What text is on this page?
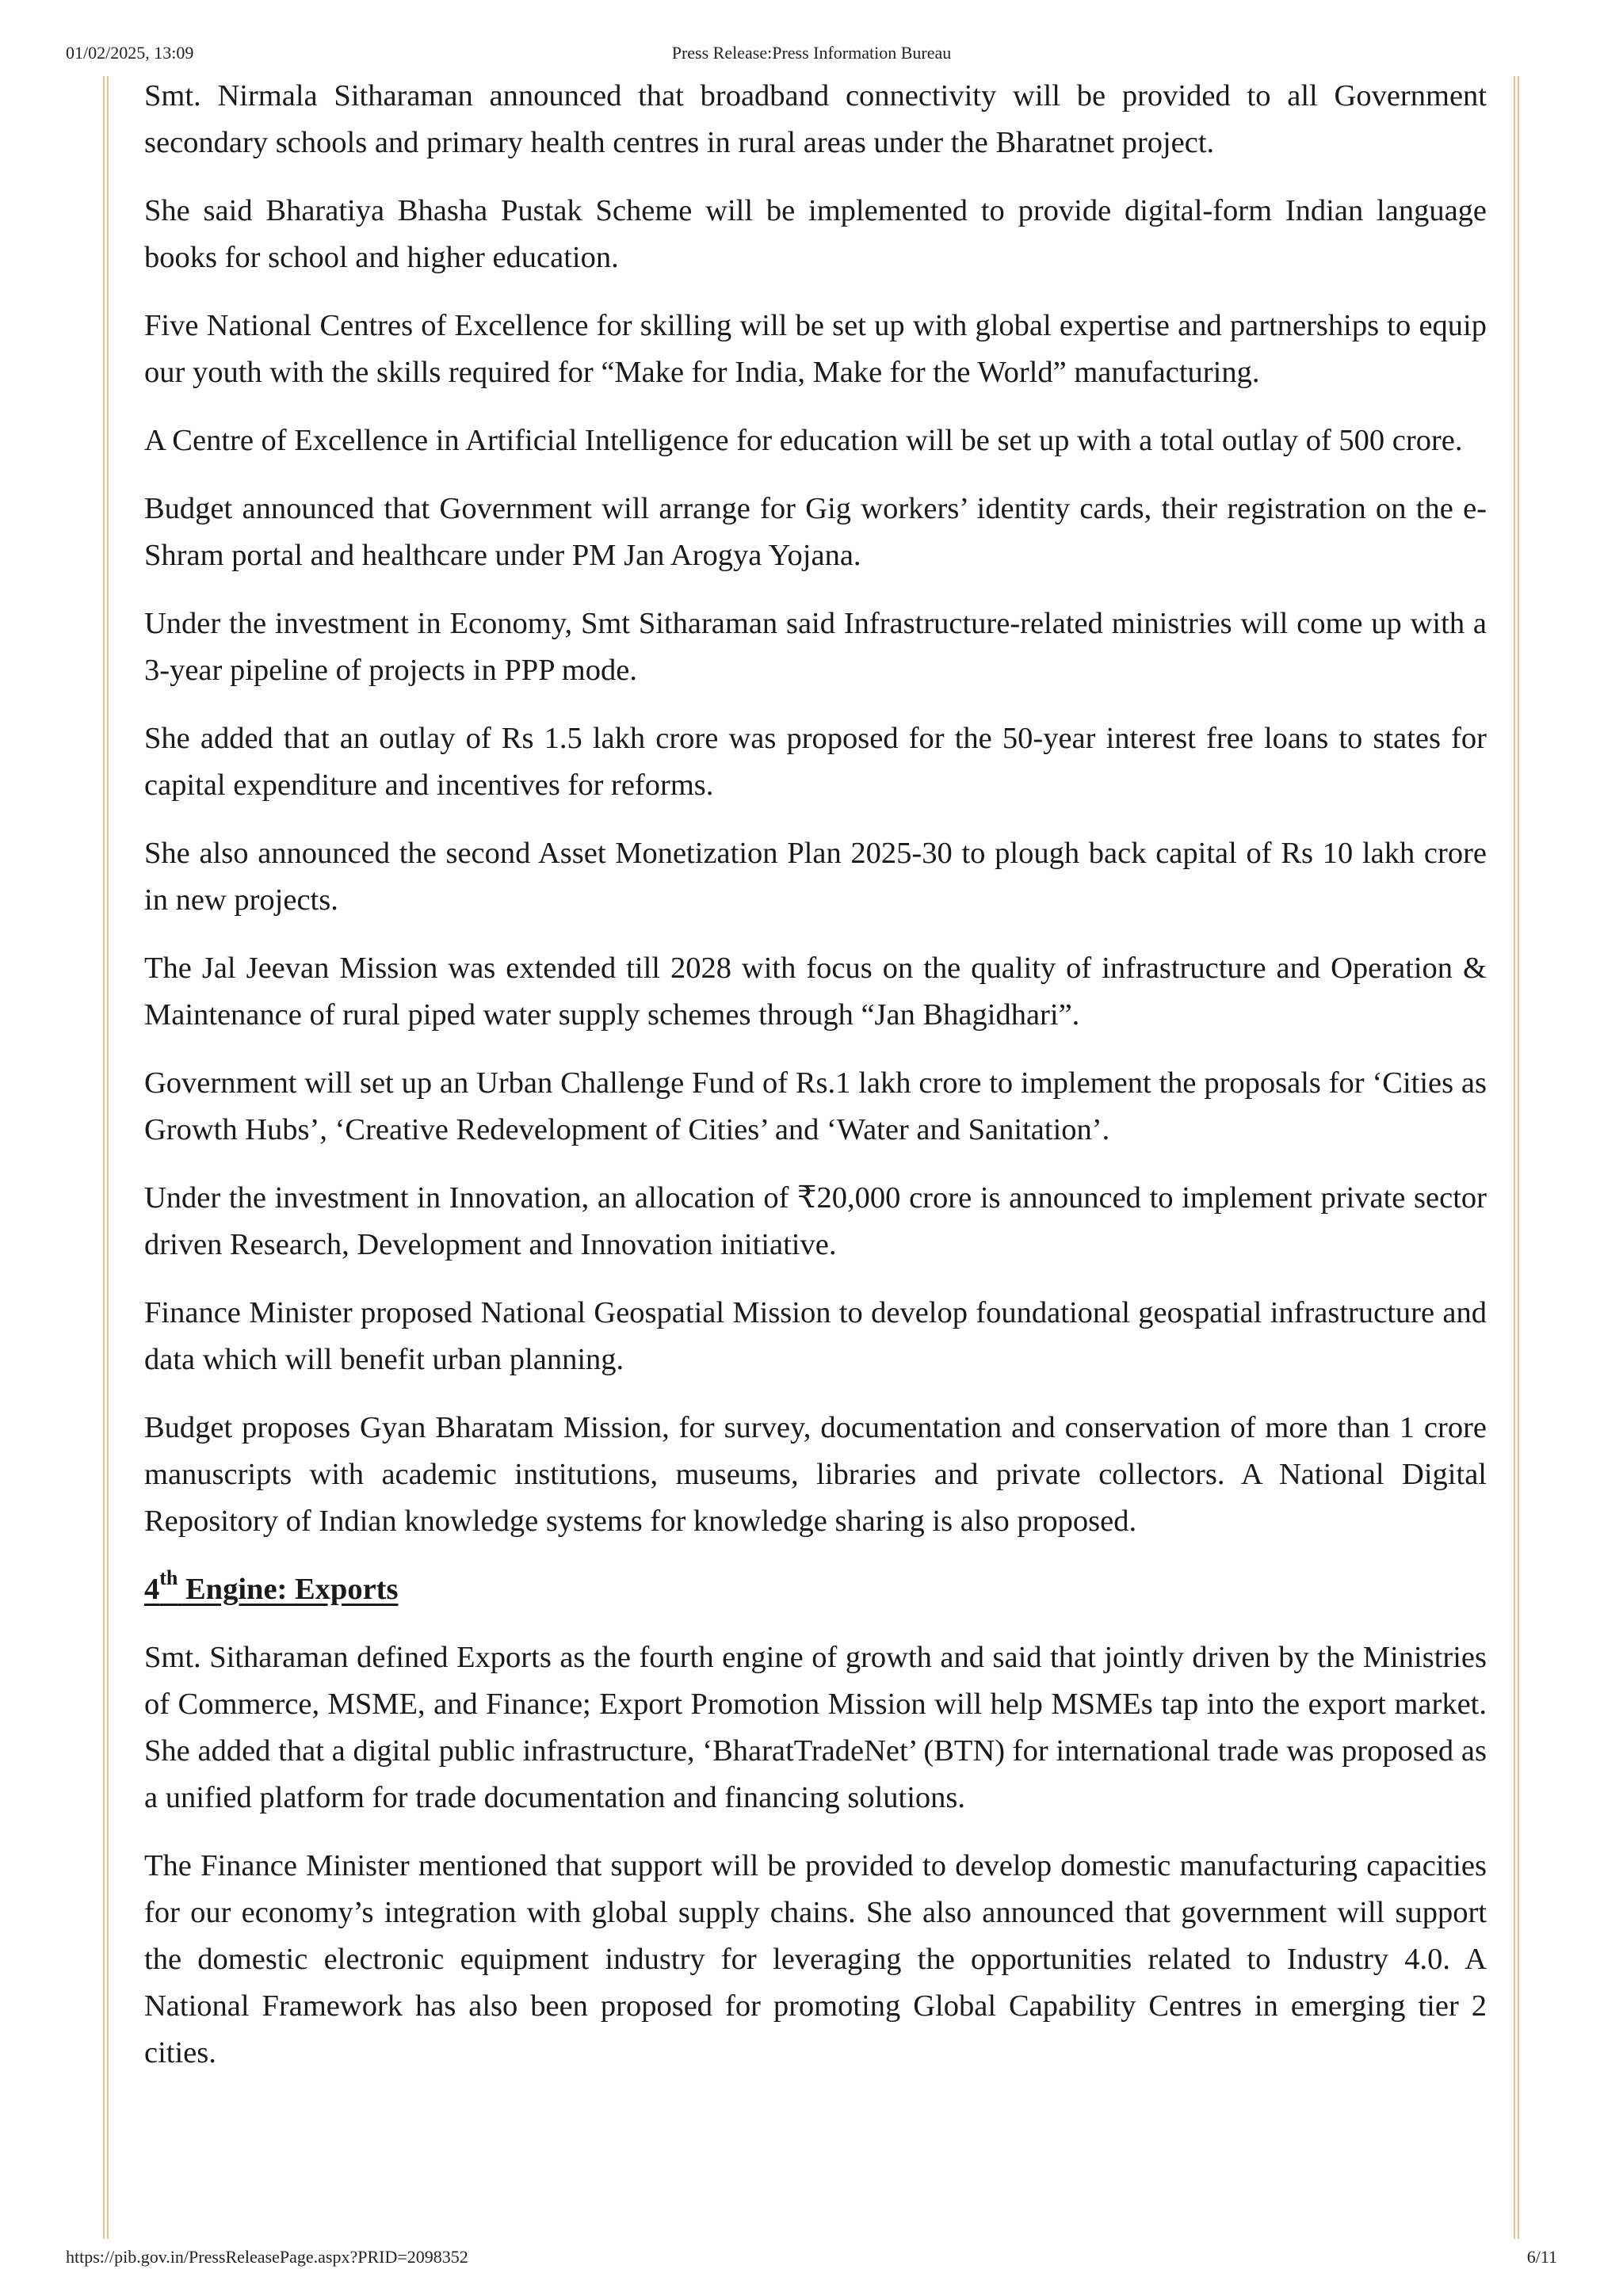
01/02/2025, 13:09	Press Release:Press Information Bureau

Smt. Nirmala Sitharaman announced that broadband connectivity will be provided to all Government secondary schools and primary health centres in rural areas under the Bharatnet project.

She said Bharatiya Bhasha Pustak Scheme will be implemented to provide digital-form Indian language books for school and higher education.

Five National Centres of Excellence for skilling will be set up with global expertise and partnerships to equip our youth with the skills required for “Make for India, Make for the World” manufacturing.

A Centre of Excellence in Artificial Intelligence for education will be set up with a total outlay of 500 crore.

Budget announced that Government will arrange for Gig workers’ identity cards, their registration on the e-Shram portal and healthcare under PM Jan Arogya Yojana.

Under the investment in Economy, Smt Sitharaman said Infrastructure-related ministries will come up with a 3-year pipeline of projects in PPP mode.

She added that an outlay of Rs 1.5 lakh crore was proposed for the 50-year interest free loans to states for capital expenditure and incentives for reforms.

She also announced the second Asset Monetization Plan 2025-30 to plough back capital of Rs 10 lakh crore in new projects.

The Jal Jeevan Mission was extended till 2028 with focus on the quality of infrastructure and Operation & Maintenance of rural piped water supply schemes through “Jan Bhagidhari”.

Government will set up an Urban Challenge Fund of Rs.1 lakh crore to implement the proposals for ‘Cities as Growth Hubs’, ‘Creative Redevelopment of Cities’ and ‘Water and Sanitation’.

Under the investment in Innovation, an allocation of ₹20,000 crore is announced to implement private sector driven Research, Development and Innovation initiative.

Finance Minister proposed National Geospatial Mission to develop foundational geospatial infrastructure and data which will benefit urban planning.

Budget proposes Gyan Bharatam Mission, for survey, documentation and conservation of more than 1 crore manuscripts with academic institutions, museums, libraries and private collectors. A National Digital Repository of Indian knowledge systems for knowledge sharing is also proposed.

4th Engine: Exports

Smt. Sitharaman defined Exports as the fourth engine of growth and said that jointly driven by the Ministries of Commerce, MSME, and Finance; Export Promotion Mission will help MSMEs tap into the export market. She added that a digital public infrastructure, ‘BharatTradeNet’ (BTN) for international trade was proposed as a unified platform for trade documentation and financing solutions.

The Finance Minister mentioned that support will be provided to develop domestic manufacturing capacities for our economy’s integration with global supply chains. She also announced that government will support the domestic electronic equipment industry for leveraging the opportunities related to Industry 4.0. A National Framework has also been proposed for promoting Global Capability Centres in emerging tier 2 cities.

https://pib.gov.in/PressReleasePage.aspx?PRID=2098352	6/11
